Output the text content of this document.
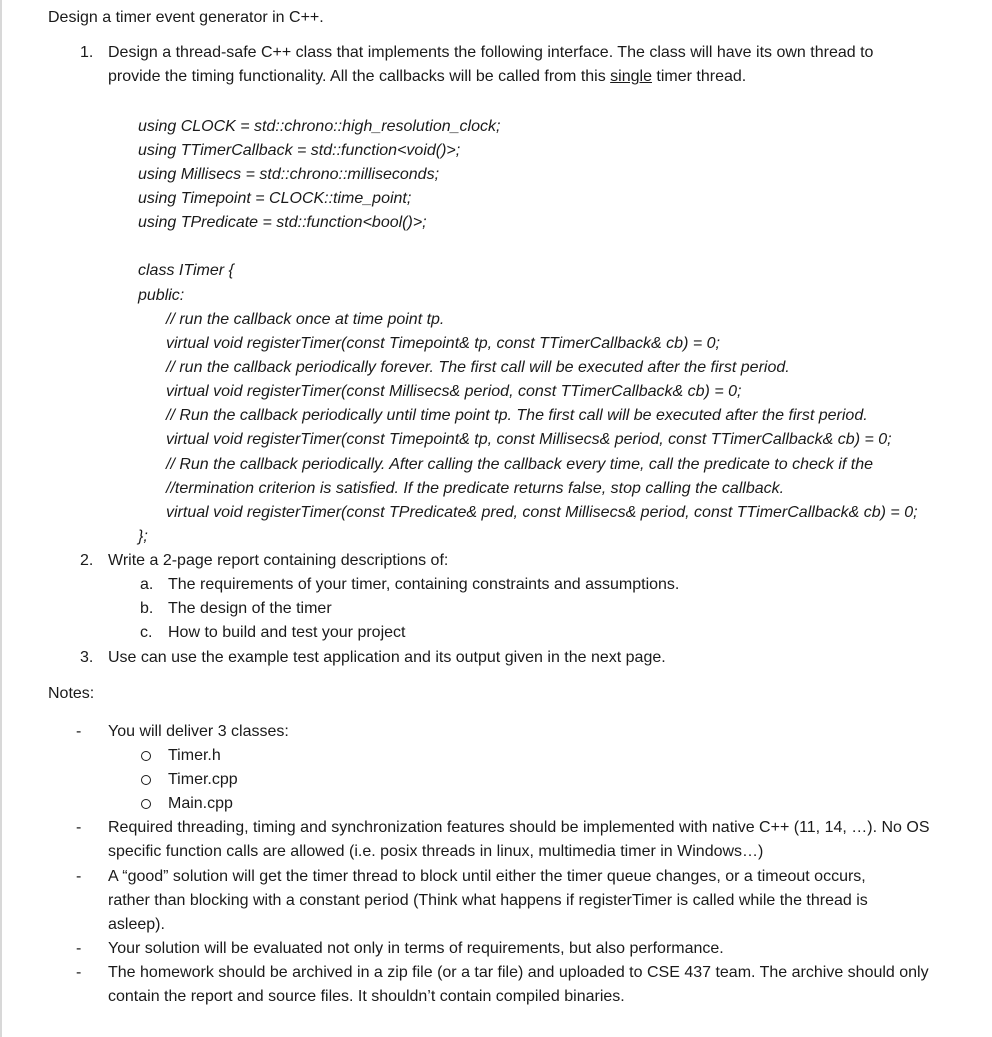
Design a timer event generator in C++.
1. Design a thread-safe C++ class that implements the following interface. The class will have its own thread to
provide the timing functionality. All the callbacks will be called from this single timer thread.
using CLOCK = std::chrono::high_resolution_clock;
using TTimerCallback = std::function<void()>;
using Millisecs = std::chrono::milliseconds;
using Timepoint = CLOCK::time_point;
using TPredicate = std::function<bool()>;
class ITimer {
public:
// run the callback once at time point tp.
virtual void registerTimer(const Timepoint& tp, const TTimerCallback& cb) = 0;
// run the callback periodically forever. The first call will be executed after the first period.
virtual void registerTimer(const Millisecs& period, const TTimerCallback& cb) = 0;
// Run the callback periodically until time point tp. The first call will be executed after the first period.
virtual void registerTimer(const Timepoint& tp, const Millisecs& period, const TTimerCallback& cb) = 0;
// Run the callback periodically. After calling the callback every time, call the predicate to check if the
//termination criterion is satisfied. If the predicate returns false, stop calling the callback.
virtual void registerTimer(const TPredicate& pred, const Millisecs& period, const TTimerCallback& cb) = 0;
};
2. Write a 2-page report containing descriptions of:
a. The requirements of your timer, containing constraints and assumptions.
b. The design of the timer
c. How to build and test your project
3. Use can use the example test application and its output given in the next page.
Notes:
-	You will deliver 3 classes:
Timer.h
Timer.cpp
Main.cpp
-	Required threading, timing and synchronization features should be implemented with native C++ (11, 14, …). No OS
specific function calls are allowed (i.e. posix threads in linux, multimedia timer in Windows…)
-	A “good” solution will get the timer thread to block until either the timer queue changes, or a timeout occurs,
rather than blocking with a constant period (Think what happens if registerTimer is called while the thread is
asleep).
-	Your solution will be evaluated not only in terms of requirements, but also performance.
-	The homework should be archived in a zip file (or a tar file) and uploaded to CSE 437 team. The archive should only
contain the report and source files. It shouldn’t contain compiled binaries.
